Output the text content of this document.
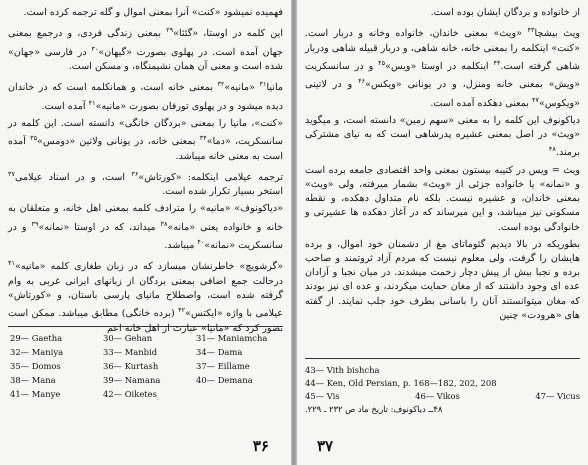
فهمیده نمیشود «کنت» آنرا بمعنی اموال و گله ترجمه کرده است.

این کلمه در اوستا، «گئثا»$^{۲۹}$ بمعنی زندگی فردی، و درجمع بمعنی جهان آمده است. در پهلوی بصورت «گیهان»$^{۳۰}$ در فارسی «جهان» شده است و معنی آن همان نشیمنگاه، و مسکن است.

مانیا$^{۳۱}$ «مانیه»$^{۳۲}$ بمعنی خانه است، و همانکلمه است که در خاندان دیده میشود و در پهلوی تورفان بصورت «مانیه»$^{۴۱}$ آمده است.

«کنت»، مانیا را بمعنی «بردگان خانگی» دانسته است. این کلمه در سانسکریت، «دما»$^{۳۴}$ بمعنی خانه، در یونانی ولاتین «دومس»$^{۳۵}$ آمده است به معنی خانه میباشد.

ترجمه عیلامی اینکلمه: «کورتاش»$^{۳۶}$ است، و در اسناد عیلامی$^{۳۷}$ استخر بسیار تکرار شده است.

«دیاکونوف» «مانیه» را مترادف کلمه بمعنی اهل خانه، و متعلقان به خانه و خانواده یعنی «مانه»$^{۳۸}$ میداند، که در اوستا «نمانه»$^{۳۹}$ و در سانسکریت «نمانه»$^{۴۰}$ میباشد.

«گرشویچ» خاطرنشان میسازد که در زبان طغاری کلمه «مانیه»$^{۴۱}$ درحالت جمع اضافی بمعنی بردگان از زبانهای ایرانی غربی به وام گرفته شده است، واصطلاح مانیای پارسی باستان، و «کورتاش» عیلامی با واژه «ایکتس»$^{۴۲}$ (برده خانگی) مطابق میباشد. ممکن است تصور کرد که «مانیا» عبارت از اهل خانه اعم

29— Gaetha	30— Gehan	31— Maniamcha
32— Maniya	33— Manbid	34— Dama
35— Domos	36— Kurtash	37— Eillame
38— Mana	39— Namana	40— Demana
41— Manye	42— Oiketes
۳۶

از خانواده و بردگان ایشان بوده است.

ویث بیشچا$^{۴۳}$ «ویث» بمعنی خاندان، خانواده وخانه و دربار است. «کنت» اینکلمه را بمعنی خانه، خانه شاهی، و دربار قبیله شاهی ودربار شاهی گرفته است.$^{۴۴}$ اینکلمه در اوستا «ویس»$^{۴۵}$ و در سانسکریت «ویش» بمعنی خانه ومنزل، و در یونانی «ویکس»$^{۴۶}$ و در لاتینی «ویکوس»$^{۴۷}$ بمعنی دهکده آمده است.

دیاکونوف این کلمه را به معنی «سهم زمین» دانسته است، و میگوید «ویث» در اصل بمعنی عشیره پدرشاهی است که به نیای مشترکی برمند.$^{۴۸}$

ویث = ویس در کتیبه بیستون بمعنی واحد اقتصادی جامعه برده است و «نمانه» یا خانواده جزئی از «ویث» بشمار میرفته، ولی «ویث» بمعنی خاندان، و عشیره نیست. بلکه نام متداول دهکده، و نقطه مسکونی نیز میباشد، و این میرساند که در آغاز دهکده ها عشیرتی و خانوادگی بوده است.

بطوریکه در بالا دیدیم گئوماتای مغ از دشمنان خود اموال، و برده هایشان را گرفت، ولی معلوم نیست که مردم آزاد ثروتمند و صاحب برده و نجبا بیش از پیش دچار زحمت میشدند. در میان نجبا و آزادان عده ای وجود داشتند که از مغان حمایت میکردند، و عده ای نیز بودند که مغان میتوانستند آنان را باسانی بطرف خود جلب نمایند. از گفته های «هرودت» چنین

43— Vith bishcha
44— Ken, Old Persian, p. 168—182, 202, 208
45— Vis	46— Vikos	47— Vicus
۴۸ــ دیاکونوف: تاریخ ماد ص ۲۳۲ ـ ۲۲۹.
۳۷
